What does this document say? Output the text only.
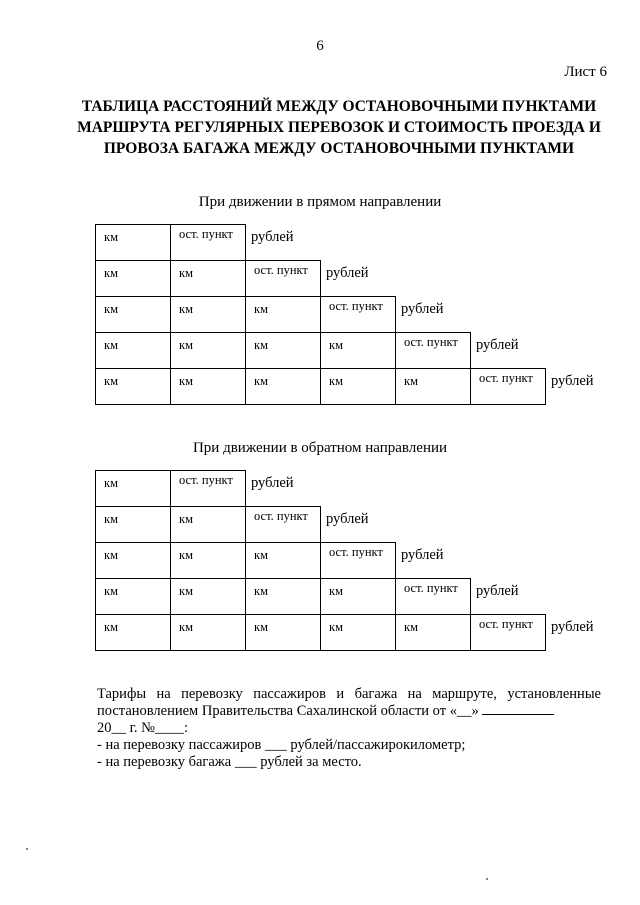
6
Лист 6
ТАБЛИЦА РАССТОЯНИЙ МЕЖДУ ОСТАНОВОЧНЫМИ ПУНКТАМИ
МАРШРУТА РЕГУЛЯРНЫХ ПЕРЕВОЗОК И СТОИМОСТЬ ПРОЕЗДА И
ПРОВОЗА БАГАЖА МЕЖДУ ОСТАНОВОЧНЫМИ ПУНКТАМИ
При движении в прямом направлении
км	ост. пункт	рублей
км	км	ост. пункт	рублей
км	км	км	ост. пункт	рублей
км	км	км	км	ост. пункт	рублей
км	км	км	км	км	ост. пункт	рублей
При движении в обратном направлении
км	ост. пункт	рублей
км	км	ост. пункт	рублей
км	км	км	ост. пункт	рублей
км	км	км	км	ост. пункт	рублей
км	км	км	км	км	ост. пункт	рублей
Тарифы на перевозку пассажиров и багажа на маршруте, установленные
постановлением Правительства Сахалинской области от «__»
20__ г. №____:
- на перевозку пассажиров ___ рублей/пассажирокилометр;
- на перевозку багажа ___ рублей за место.
